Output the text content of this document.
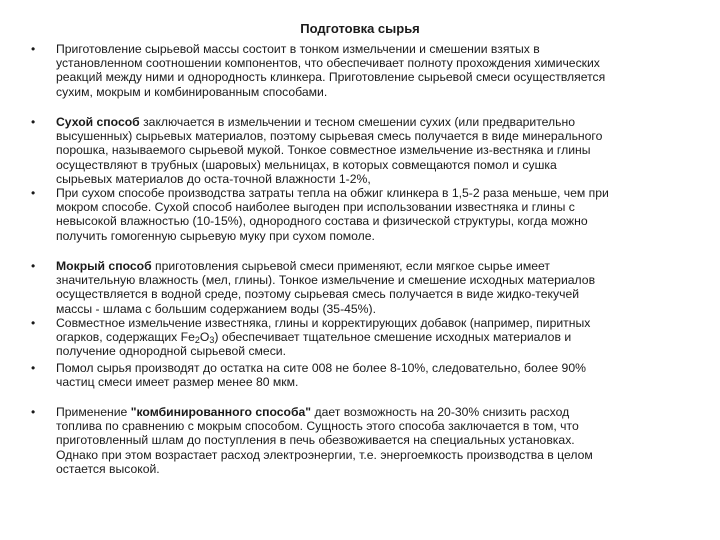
Подготовка сырья
• Приготовление сырьевой массы состоит в тонком измельчении и смешении взятых в
установленном соотношении компонентов, что обеспечивает полноту прохождения химических
реакций между ними и однородность клинкера. Приготовление сырьевой смеси осуществляется
сухим, мокрым и комбинированным способами.
• Сухой способ заключается в измельчении и тесном смешении сухих (или предварительно
высушенных) сырьевых материалов, поэтому сырьевая смесь получается в виде минерального
порошка, называемого сырьевой мукой. Тонкое совместное измельчение из-вестняка и глины
осуществляют в трубных (шаровых) мельницах, в которых совмещаются помол и сушка
сырьевых материалов до оста-точной влажности 1-2%,
• При сухом способе производства затраты тепла на обжиг клинкера в 1,5-2 раза меньше, чем при
мокром способе. Сухой способ наиболее выгоден при использовании известняка и глины с
невысокой влажностью (10-15%), однородного состава и физической структуры, когда можно
получить гомогенную сырьевую муку при сухом помоле.
• Мокрый способ приготовления сырьевой смеси применяют, если мягкое сырье имеет
значительную влажность (мел, глины). Тонкое измельчение и смешение исходных материалов
осуществляется в водной среде, поэтому сырьевая смесь получается в виде жидко-текучей
массы - шлама с большим содержанием воды (35-45%).
• Совместное измельчение известняка, глины и корректирующих добавок (например, пиритных
огарков, содержащих $Fe_2O_3$) обеспечивает тщательное смешение исходных материалов и
получение однородной сырьевой смеси.
• Помол сырья производят до остатка на сите 008 не более 8-10%, следовательно, более 90%
частиц смеси имеет размер менее 80 мкм.
• Применение "комбинированного способа" дает возможность на 20-30% снизить расход
топлива по сравнению с мокрым способом. Сущность этого способа заключается в том, что
приготовленный шлам до поступления в печь обезвоживается на специальных установках.
Однако при этом возрастает расход электроэнергии, т.е. энергоемкость производства в целом
остается высокой.
